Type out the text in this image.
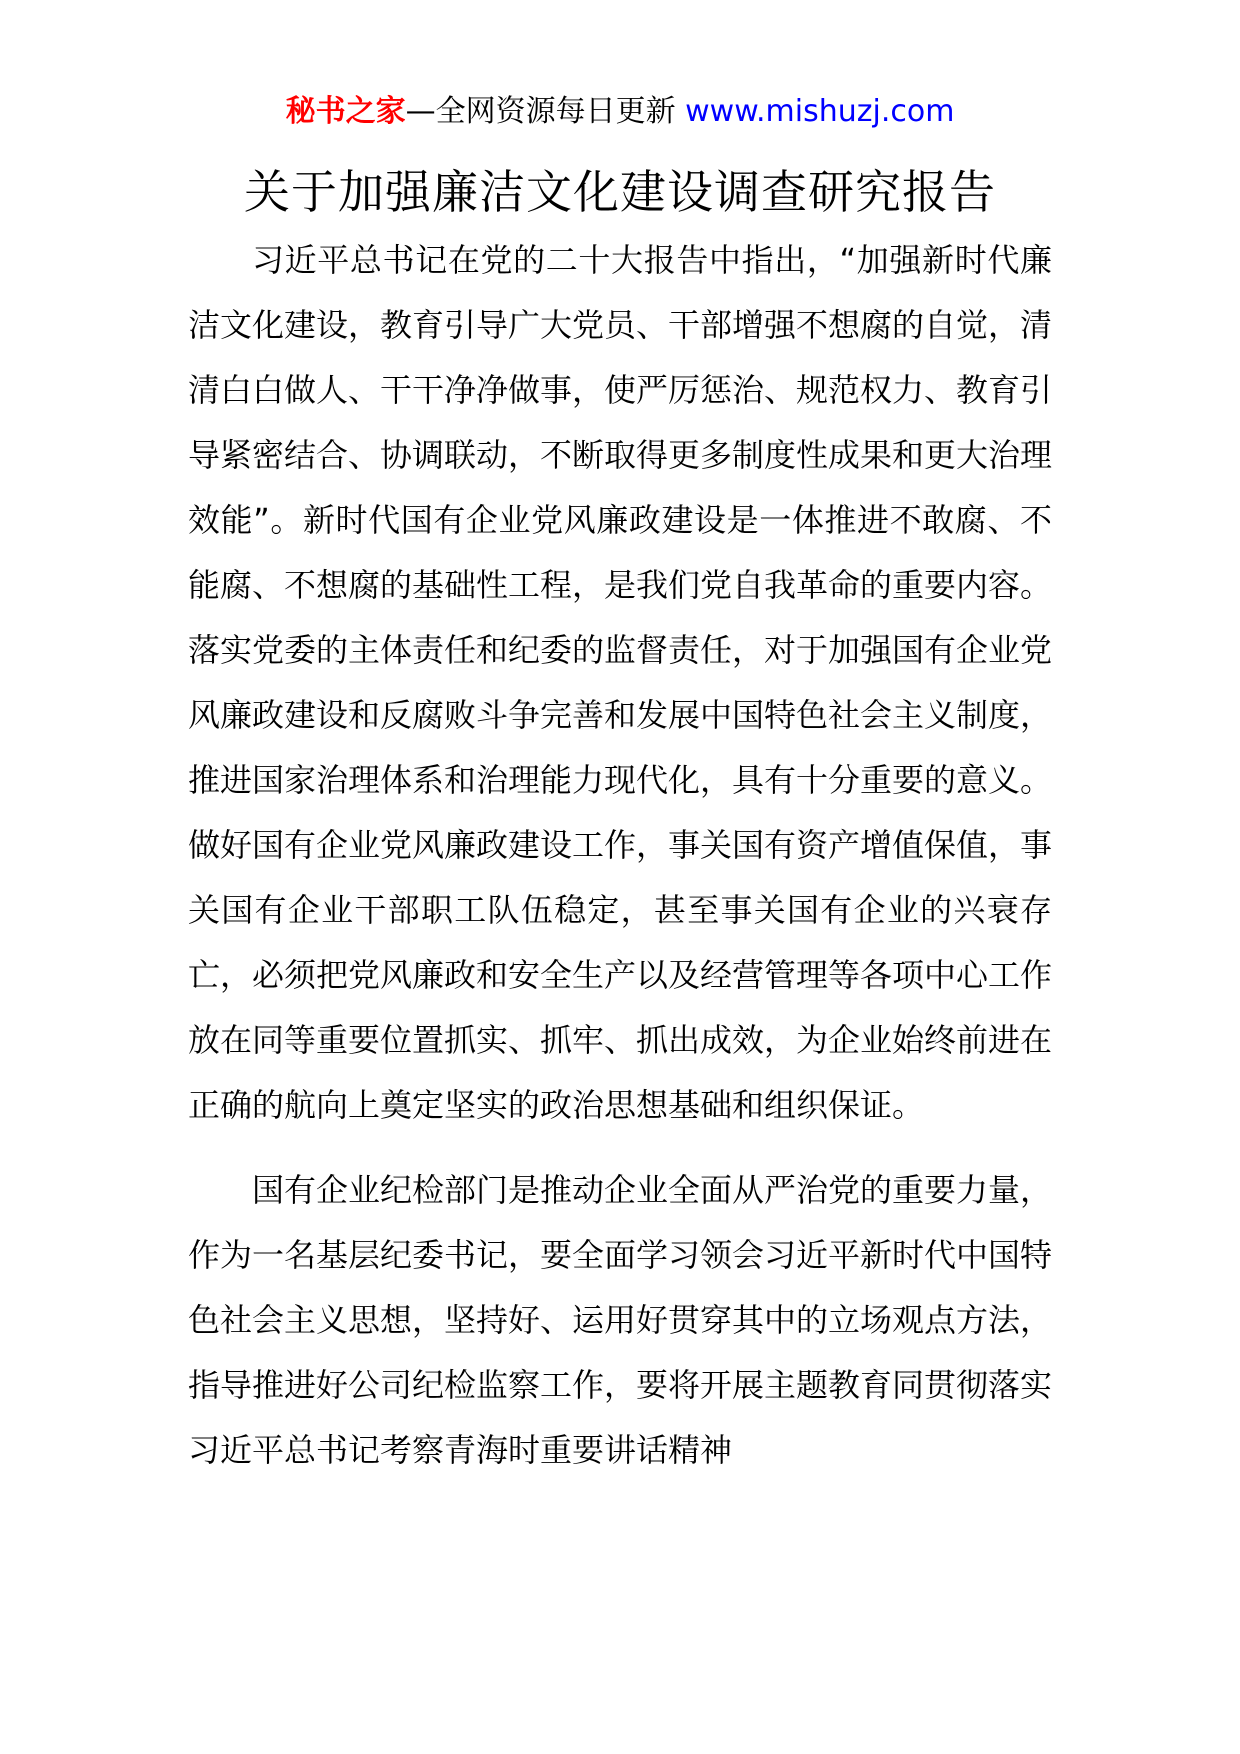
秘书之家—全网资源每日更新 www.mishuzj.com
关于加强廉洁文化建设调查研究报告

习近平总书记在党的二十大报告中指出，“加强新时代廉洁文化建设，教育引导广大党员、干部增强不想腐的自觉，清清白白做人、干干净净做事，使严厉惩治、规范权力、教育引导紧密结合、协调联动，不断取得更多制度性成果和更大治理效能”。新时代国有企业党风廉政建设是一体推进不敢腐、不能腐、不想腐的基础性工程，是我们党自我革命的重要内容。落实党委的主体责任和纪委的监督责任，对于加强国有企业党风廉政建设和反腐败斗争完善和发展中国特色社会主义制度，推进国家治理体系和治理能力现代化，具有十分重要的意义。做好国有企业党风廉政建设工作，事关国有资产增值保值，事关国有企业干部职工队伍稳定，甚至事关国有企业的兴衰存亡，必须把党风廉政和安全生产以及经营管理等各项中心工作放在同等重要位置抓实、抓牢、抓出成效，为企业始终前进在正确的航向上奠定坚实的政治思想基础和组织保证。

国有企业纪检部门是推动企业全面从严治党的重要力量，作为一名基层纪委书记，要全面学习领会习近平新时代中国特色社会主义思想，坚持好、运用好贯穿其中的立场观点方法，指导推进好公司纪检监察工作，要将开展主题教育同贯彻落实习近平总书记考察青海时重要讲话精神
